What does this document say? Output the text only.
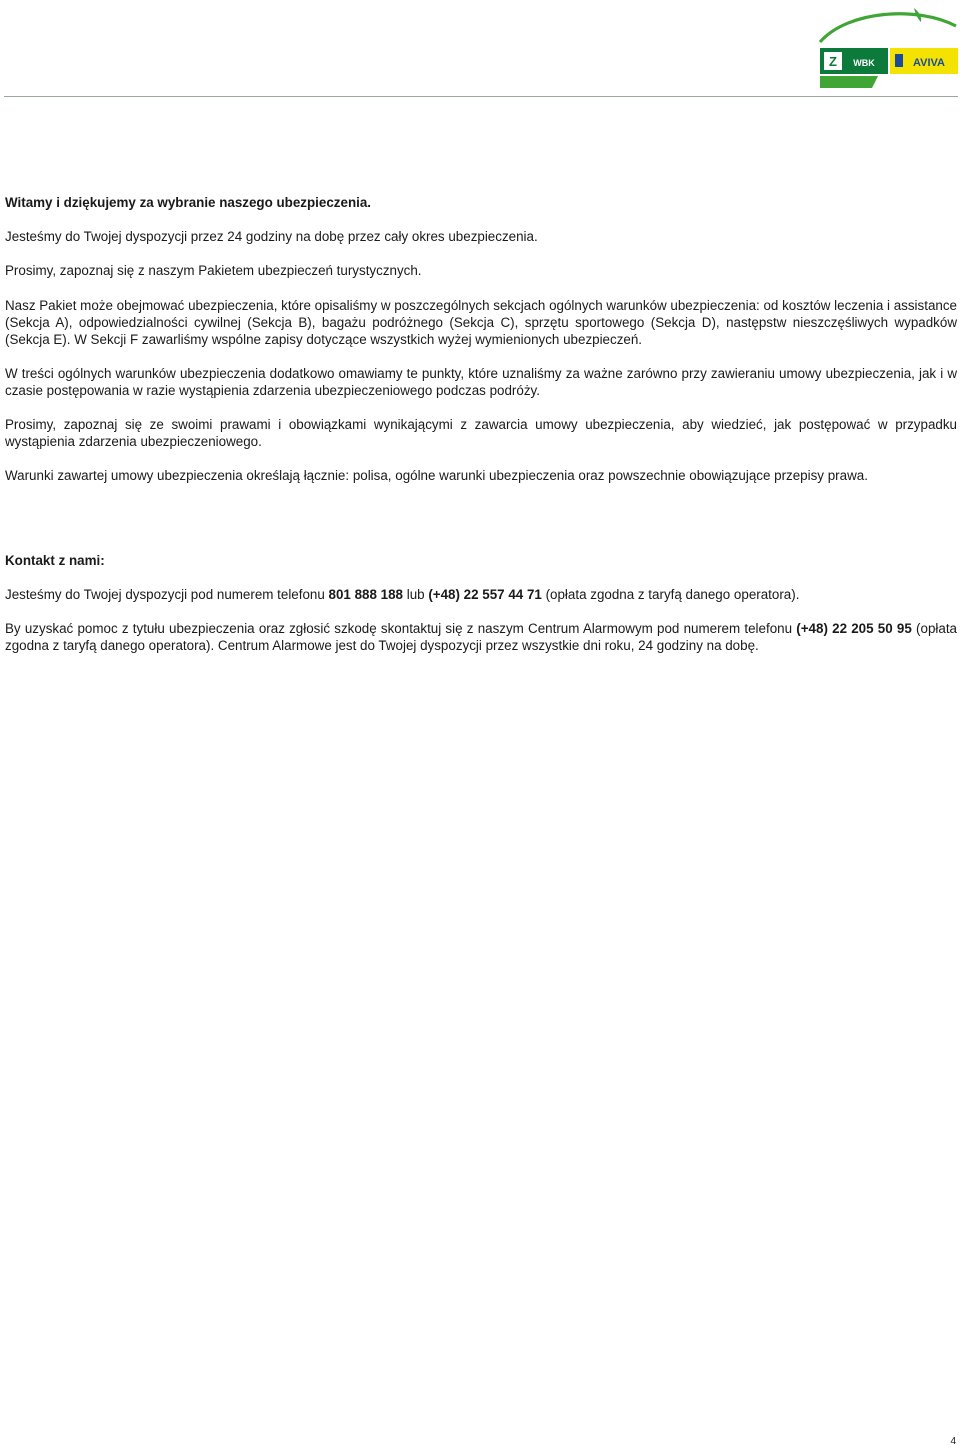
Z WBK	AVIVA

Witamy i dziękujemy za wybranie naszego ubezpieczenia.

Jesteśmy do Twojej dyspozycji przez 24 godziny na dobę przez cały okres ubezpieczenia.

Prosimy, zapoznaj się z naszym Pakietem ubezpieczeń turystycznych.

Nasz Pakiet może obejmować ubezpieczenia, które opisaliśmy w poszczególnych sekcjach ogólnych warunków ubezpieczenia: od kosztów leczenia i assistance (Sekcja A), odpowiedzialności cywilnej (Sekcja B), bagażu podróżnego (Sekcja C), sprzętu sportowego (Sekcja D), następstw nieszczęśliwych wypadków (Sekcja E). W Sekcji F zawarliśmy wspólne zapisy dotyczące wszystkich wyżej wymienionych ubezpieczeń.

W treści ogólnych warunków ubezpieczenia dodatkowo omawiamy te punkty, które uznaliśmy za ważne zarówno przy zawieraniu umowy ubezpieczenia, jak i w czasie postępowania w razie wystąpienia zdarzenia ubezpieczeniowego podczas podróży.

Prosimy, zapoznaj się ze swoimi prawami i obowiązkami wynikającymi z zawarcia umowy ubezpieczenia, aby wiedzieć, jak postępować w przypadku wystąpienia zdarzenia ubezpieczeniowego.

Warunki zawartej umowy ubezpieczenia określają łącznie: polisa, ogólne warunki ubezpieczenia oraz powszechnie obowiązujące przepisy prawa.

Kontakt z nami:

Jesteśmy do Twojej dyspozycji pod numerem telefonu 801 888 188 lub (+48) 22 557 44 71 (opłata zgodna z taryfą danego operatora).

By uzyskać pomoc z tytułu ubezpieczenia oraz zgłosić szkodę skontaktuj się z naszym Centrum Alarmowym pod numerem telefonu (+48) 22 205 50 95 (opłata zgodna z taryfą danego operatora). Centrum Alarmowe jest do Twojej dyspozycji przez wszystkie dni roku, 24 godziny na dobę.

4
